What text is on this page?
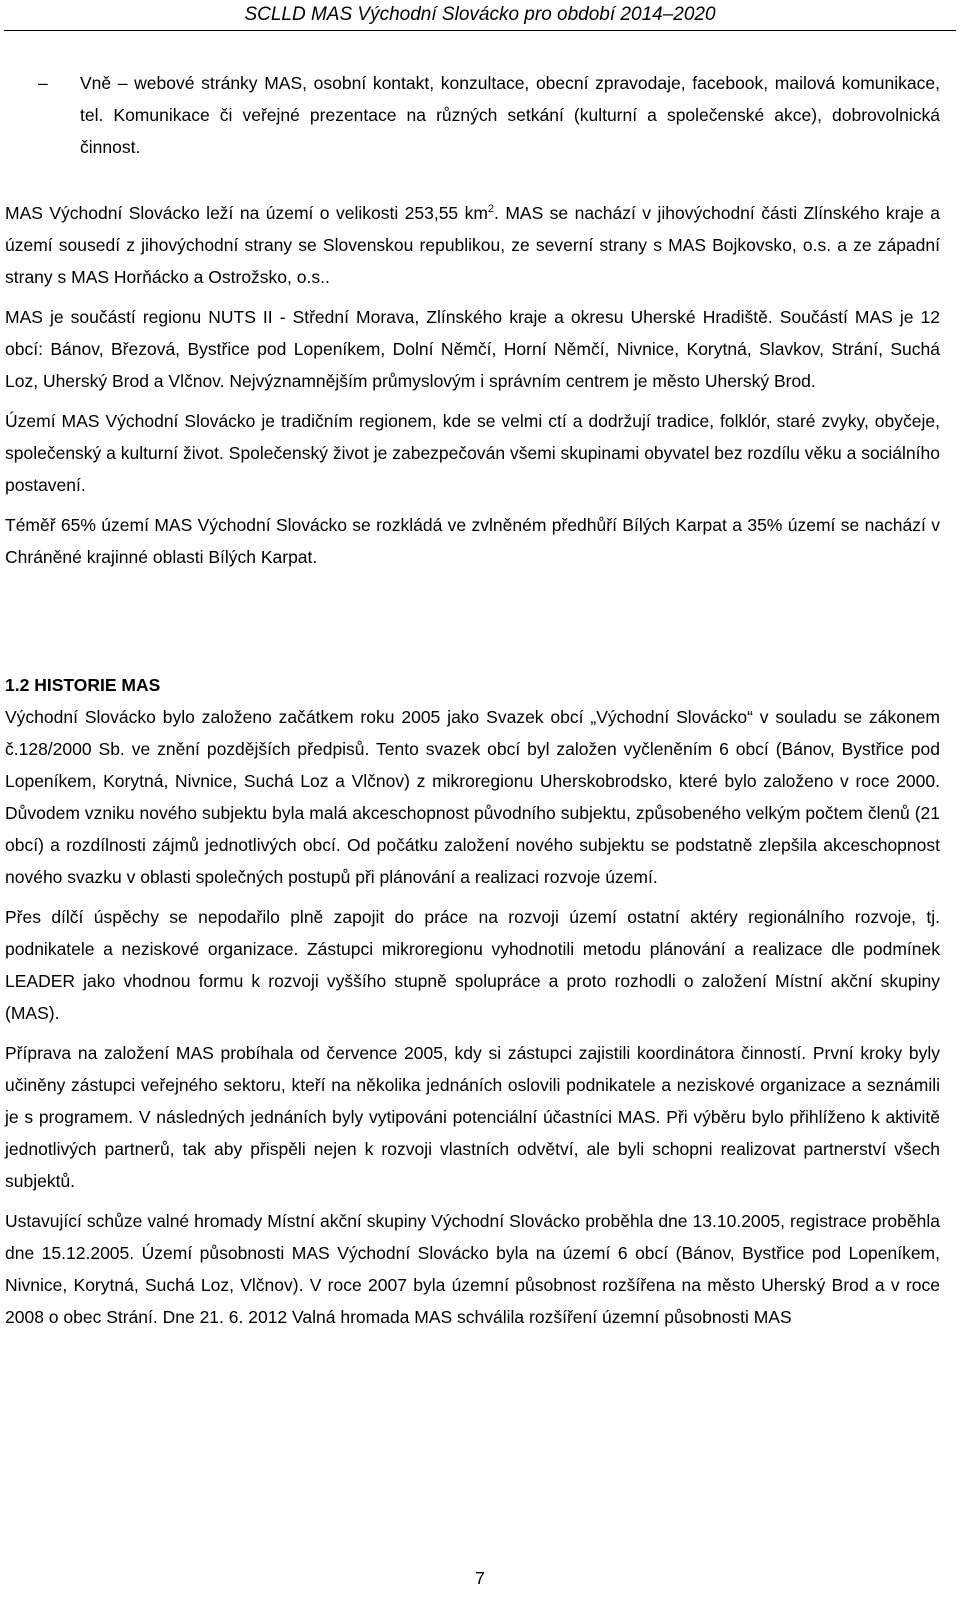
SCLLD MAS Východní Slovácko pro období 2014–2020

– Vně – webové stránky MAS, osobní kontakt, konzultace, obecní zpravodaje, facebook, mailová komunikace, tel. Komunikace či veřejné prezentace na různých setkání (kulturní a společenské akce), dobrovolnická činnost.

MAS Východní Slovácko leží na území o velikosti 253,55 $km^2$. MAS se nachází v jihovýchodní části Zlínského kraje a území sousedí z jihovýchodní strany se Slovenskou republikou, ze severní strany s MAS Bojkovsko, o.s. a ze západní strany s MAS Horňácko a Ostrožsko, o.s..

MAS je součástí regionu NUTS II - Střední Morava, Zlínského kraje a okresu Uherské Hradiště. Součástí MAS je 12 obcí: Bánov, Březová, Bystřice pod Lopeníkem, Dolní Němčí, Horní Němčí, Nivnice, Korytná, Slavkov, Strání, Suchá Loz, Uherský Brod a Vlčnov. Nejvýznamnějším průmyslovým i správním centrem je město Uherský Brod.

Území MAS Východní Slovácko je tradičním regionem, kde se velmi ctí a dodržují tradice, folklór, staré zvyky, obyčeje, společenský a kulturní život. Společenský život je zabezpečován všemi skupinami obyvatel bez rozdílu věku a sociálního postavení.

Téměř 65% území MAS Východní Slovácko se rozkládá ve zvlněném předhůří Bílých Karpat a 35% území se nachází v Chráněné krajinné oblasti Bílých Karpat.

1.2 HISTORIE MAS

Východní Slovácko bylo založeno začátkem roku 2005 jako Svazek obcí „Východní Slovácko“ v souladu se zákonem č.128/2000 Sb. ve znění pozdějších předpisů. Tento svazek obcí byl založen vyčleněním 6 obcí (Bánov, Bystřice pod Lopeníkem, Korytná, Nivnice, Suchá Loz a Vlčnov) z mikroregionu Uherskobrodsko, které bylo založeno v roce 2000. Důvodem vzniku nového subjektu byla malá akceschopnost původního subjektu, způsobeného velkým počtem členů (21 obcí) a rozdílnosti zájmů jednotlivých obcí. Od počátku založení nového subjektu se podstatně zlepšila akceschopnost nového svazku v oblasti společných postupů při plánování a realizaci rozvoje území.

Přes dílčí úspěchy se nepodařilo plně zapojit do práce na rozvoji území ostatní aktéry regionálního rozvoje, tj. podnikatele a neziskové organizace. Zástupci mikroregionu vyhodnotili metodu plánování a realizace dle podmínek LEADER jako vhodnou formu k rozvoji vyššího stupně spolupráce a proto rozhodli o založení Místní akční skupiny (MAS).

Příprava na založení MAS probíhala od července 2005, kdy si zástupci zajistili koordinátora činností. První kroky byly učiněny zástupci veřejného sektoru, kteří na několika jednáních oslovili podnikatele a neziskové organizace a seznámili je s programem. V následných jednáních byly vytipováni potenciální účastníci MAS. Při výběru bylo přihlíženo k aktivitě jednotlivých partnerů, tak aby přispěli nejen k rozvoji vlastních odvětví, ale byli schopni realizovat partnerství všech subjektů.

Ustavující schůze valné hromady Místní akční skupiny Východní Slovácko proběhla dne 13.10.2005, registrace proběhla dne 15.12.2005. Území působnosti MAS Východní Slovácko byla na území 6 obcí (Bánov, Bystřice pod Lopeníkem, Nivnice, Korytná, Suchá Loz, Vlčnov). V roce 2007 byla územní působnost rozšířena na město Uherský Brod a v roce 2008 o obec Strání. Dne 21. 6. 2012 Valná hromada MAS schválila rozšíření územní působnosti MAS

7
